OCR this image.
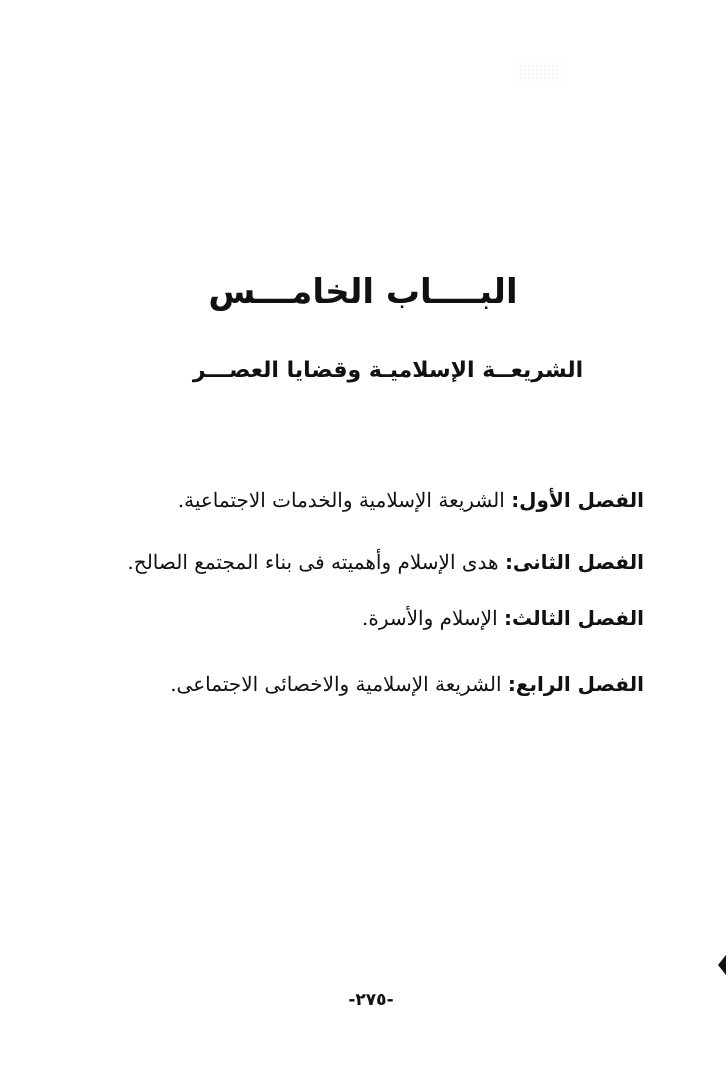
البــــاب الخامـــس
الشريعــة الإسلاميـة وقضايا العصـــر

الفصل الأول: الشريعة الإسلامية والخدمات الاجتماعية.

الفصل الثانى: هدى الإسلام وأهميته فى بناء المجتمع الصالح.

الفصل الثالث: الإسلام والأسرة.

الفصل الرابع: الشريعة الإسلامية والاخصائى الاجتماعى.

-٢٧٥-
